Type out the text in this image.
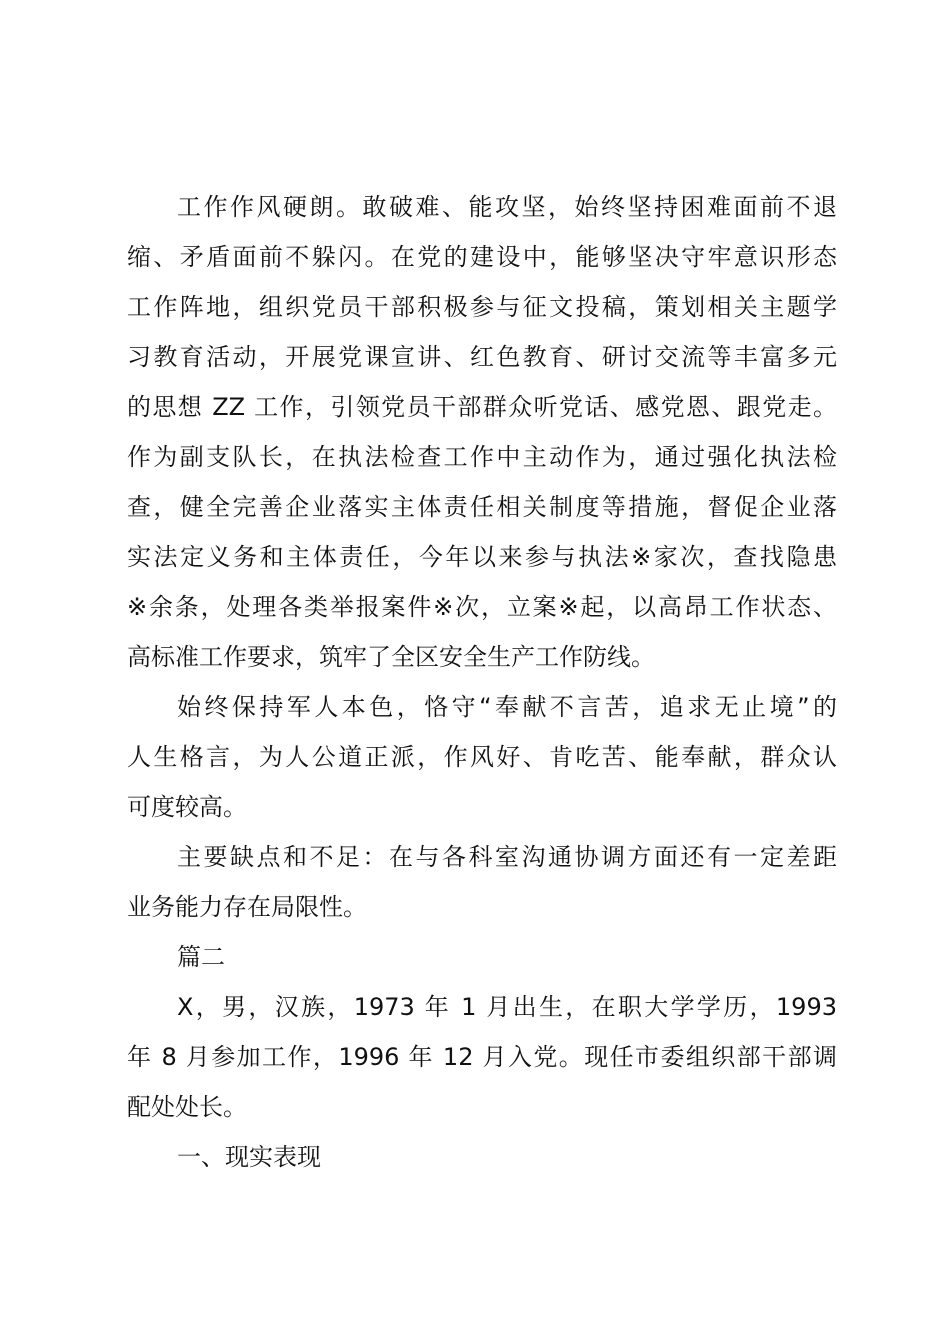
工作作风硬朗。敢破难、能攻坚，始终坚持困难面前不退
缩、矛盾面前不躲闪。在党的建设中，能够坚决守牢意识形态
工作阵地，组织党员干部积极参与征文投稿，策划相关主题学
习教育活动，开展党课宣讲、红色教育、研讨交流等丰富多元
的思想 ZZ 工作，引领党员干部群众听党话、感党恩、跟党走。
作为副支队长，在执法检查工作中主动作为，通过强化执法检
查，健全完善企业落实主体责任相关制度等措施，督促企业落
实法定义务和主体责任，今年以来参与执法※家次，查找隐患
※余条，处理各类举报案件※次，立案※起，以高昂工作状态、
高标准工作要求，筑牢了全区安全生产工作防线。
始终保持军人本色，恪守“奉献不言苦，追求无止境”的
人生格言，为人公道正派，作风好、肯吃苦、能奉献，群众认
可度较高。
主要缺点和不足：在与各科室沟通协调方面还有一定差距
业务能力存在局限性。
篇二
X，男，汉族，1973 年 1 月出生，在职大学学历，1993
年 8 月参加工作，1996 年 12 月入党。现任市委组织部干部调
配处处长。
一、现实表现
